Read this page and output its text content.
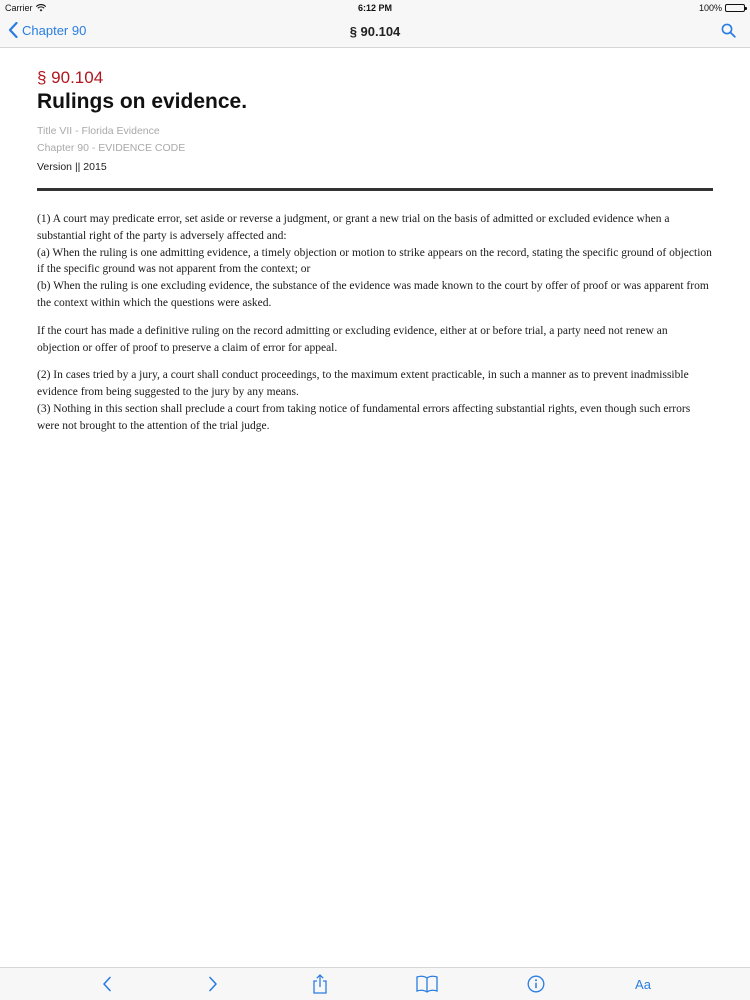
Carrier	6:12 PM	100%
Chapter 90	§ 90.104
§ 90.104
Rulings on evidence.
Title VII - Florida Evidence
Chapter 90 - EVIDENCE CODE
Version || 2015

(1) A court may predicate error, set aside or reverse a judgment, or grant a new trial on the basis of admitted or excluded evidence when a substantial right of the party is adversely affected and:

(a) When the ruling is one admitting evidence, a timely objection or motion to strike appears on the record, stating the specific ground of objection if the specific ground was not apparent from the context; or

(b) When the ruling is one excluding evidence, the substance of the evidence was made known to the court by offer of proof or was apparent from the context within which the questions were asked.

If the court has made a definitive ruling on the record admitting or excluding evidence, either at or before trial, a party need not renew an objection or offer of proof to preserve a claim of error for appeal.

(2) In cases tried by a jury, a court shall conduct proceedings, to the maximum extent practicable, in such a manner as to prevent inadmissible evidence from being suggested to the jury by any means.

(3) Nothing in this section shall preclude a court from taking notice of fundamental errors affecting substantial rights, even though such errors were not brought to the attention of the trial judge.

Aa
